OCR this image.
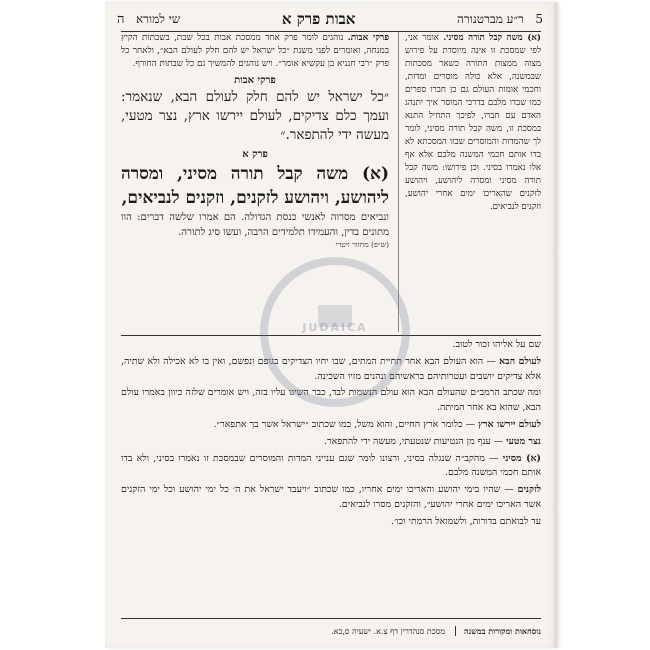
5   ר״ע מברטנורה
אבות פרק א
שי למורא   ה
(א) משה קבל תורה מסיני. אומר אני, לפי שמסכת זו אינה מיוסדת על פירוש מצוה ממצות התורה כשאר מסכתות שבמשנה, אלא כולה מוסרים ומדות, וחכמי אומות העולם גם כן חברו ספרים כמו שבדו מלבם בדרכי המוסר איך יתנהג האדם עם חברו, לפיכך התחיל התנא במסכת זו, משה קבל תורה מסיני, לומר לך שהמדות והמוסרים שבזו המסכתא לא בדו אותם חכמי המשנה מלבם אלא אף אלו נאמרו בסיני. וכן פירושו: משה קבל תורה מסיני ומסרה ליהושע, ויהושע לזקנים שהאריכו ימים אחרי יהושע, וזקנים לנביאים.
פרקי אבות. נוהגים לומר פרק אחד ממסכת אבות בכל שבת, בשבתות הקיץ במנחה, ואומרים לפני משנת ״כל ישראל יש להם חלק לעולם הבא״, ולאחר כל פרק ״רבי חנניא בן עקשיא אומר״. ויש נוהגים להמשיך גם כל שבתות החורף.
פרקי אבות
״כל ישראל יש להם חלק לעולם הבא, שנאמר: ועמך כלם צדיקים, לעולם יירשו ארץ, נצר מטעי, מעשה ידי להתפאר.״
פרק א
(א) משה קבל תורה מסיני, ומסרה ליהושע, ויהושע לזקנים, וזקנים לנביאים,
ונביאים מסרוה לאנשי כנסת הגדולה. הם אמרו שלשה דברים: הוו מתונים בדין, והעמידו תלמידים הרבה, ועשו סיג לתורה.
(ש״פ) מחזור ויטרי

שם על אליהו זכור לטוב.

לעולם הבא — הוא העולם הבא אחר תחיית המתים, שבו יחיו הצדיקים בגופם ונפשם, ואין בו לא אכילה ולא שתיה, אלא צדיקים יושבים ועטרותיהם בראשיהם ונהנים מזיו השכינה.

ומה שכתב הרמב״ם שהעולם הבא הוא עולם הנשמות לבד, כבר השיגו עליו בזה, ויש אומרים שלזה כיוון באמרו עולם הבא, שהוא בא אחר המיתה.

לעולם יירשו ארץ — כלומר ארץ החיים, והוא משל, כמו שכתוב ״ישראל אשר בך אתפאר״.

נצר מטעי — ענף מן הנטיעות שנטעתי, מעשה ידי להתפאר.

(א) מסיני — מהקב״ה שנגלה בסיני, ורצונו לומר שגם ענייני המדות והמוסרים שבמסכת זו נאמרו בסיני, ולא בדו אותם חכמי המשנה מלבם.

לזקנים — שהיו בימי יהושע והאריכו ימים אחריו, כמו שכתוב ״ויעבד ישראל את ה׳ כל ימי יהושע וכל ימי הזקנים אשר האריכו ימים אחרי יהושע״, והזקנים מסרו לנביאים.

עד לבואתם בדורות, ולשמואל הרמתי וכו׳.

נוסחאות ומקורות במשנה
מסכת סנהדרין דף צ.א. ישעיה ס,כא.
JUDAICA
